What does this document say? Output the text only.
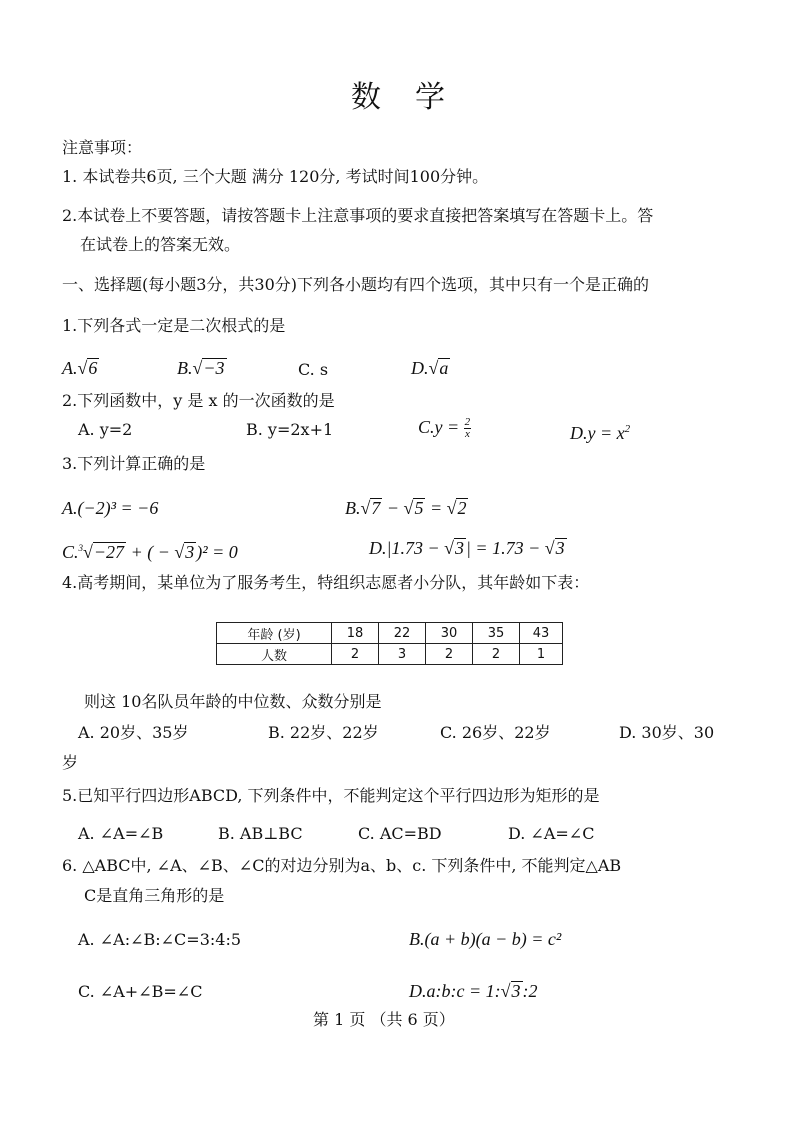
数　学
注意事项：
1. 本试卷共6页, 三个大题 满分 120分, 考试时间100分钟。
2.本试卷上不要答题，请按答题卡上注意事项的要求直接把答案填写在答题卡上。答
在试卷上的答案无效。
一、选择题(每小题3分，共30分)下列各小题均有四个选项，其中只有一个是正确的
1.下列各式一定是二次根式的是
A.√6	B.√−3	C. s	D.√a
2.下列函数中，y 是 x 的一次函数的是
A. y=2	B. y=2x+1	$C.y = \frac{2}{x}$	$D.y = x^2$
3.下列计算正确的是
A.(−2)³ = −6	B.√7 − √5 = √2
C.$^3$√−27 + ( − √3 )² = 0	D.|1.73 − √3 | = 1.73 − √3
4.高考期间，某单位为了服务考生，特组织志愿者小分队，其年龄如下表：
年龄 (岁)	18	22	30	35	43
人数	2	3	2	2	1
则这 10名队员年龄的中位数、众数分别是
A. 20岁、35岁	B. 22岁、22岁	C. 26岁、22岁	D. 30岁、30
岁
5.已知平行四边形ABCD, 下列条件中，不能判定这个平行四边形为矩形的是
A. ∠A=∠B	B. AB⊥BC	C. AC=BD	D. ∠A=∠C
6. △ABC中, ∠A、∠B、∠C的对边分别为a、b、c. 下列条件中, 不能判定△AB
C是直角三角形的是
A. ∠A:∠B:∠C=3:4:5	B.(a + b)(a − b) = c²
C. ∠A+∠B=∠C	D.a:b:c = 1:√3 :2
第 1 页 （共 6 页）
